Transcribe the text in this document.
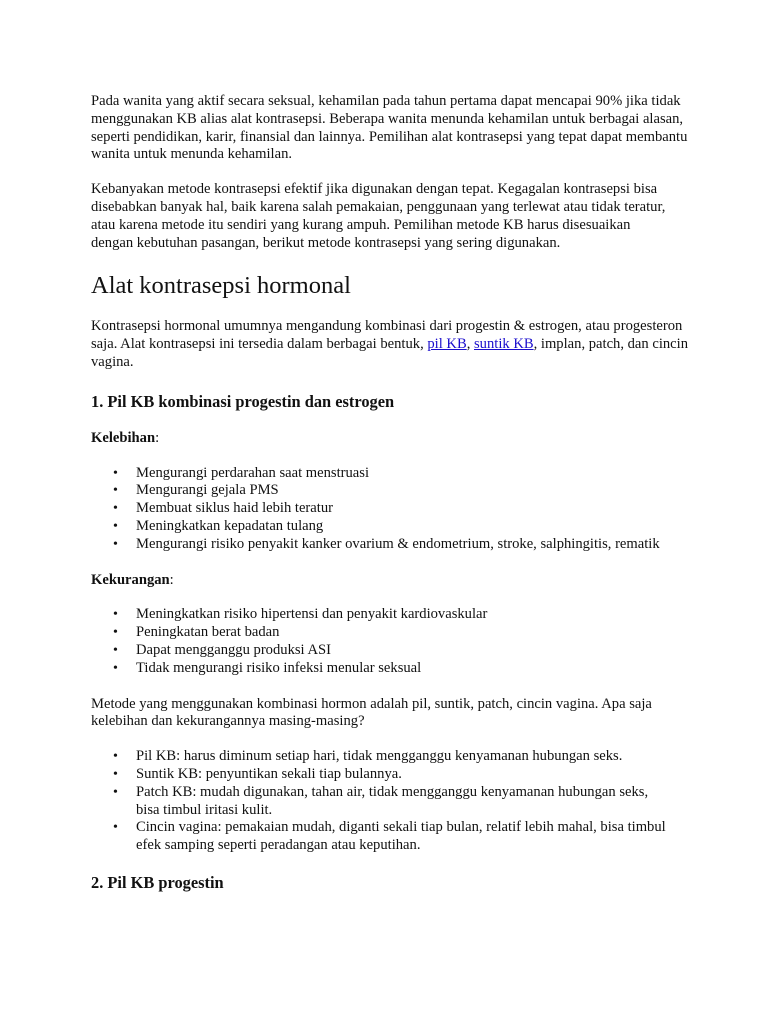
Pada wanita yang aktif secara seksual, kehamilan pada tahun pertama dapat mencapai 90% jika tidak menggunakan KB alias alat kontrasepsi. Beberapa wanita menunda kehamilan untuk berbagai alasan, seperti pendidikan, karir, finansial dan lainnya. Pemilihan alat kontrasepsi yang tepat dapat membantu wanita untuk menunda kehamilan.

Kebanyakan metode kontrasepsi efektif jika digunakan dengan tepat. Kegagalan kontrasepsi bisa disebabkan banyak hal, baik karena salah pemakaian, penggunaan yang terlewat atau tidak teratur, atau karena metode itu sendiri yang kurang ampuh. Pemilihan metode KB harus disesuaikan dengan kebutuhan pasangan, berikut metode kontrasepsi yang sering digunakan.

Alat kontrasepsi hormonal

Kontrasepsi hormonal umumnya mengandung kombinasi dari progestin & estrogen, atau progesteron saja. Alat kontrasepsi ini tersedia dalam berbagai bentuk, pil KB, suntik KB, implan, patch, dan cincin vagina.

1. Pil KB kombinasi progestin dan estrogen

Kelebihan:

• Mengurangi perdarahan saat menstruasi
• Mengurangi gejala PMS
• Membuat siklus haid lebih teratur
• Meningkatkan kepadatan tulang
• Mengurangi risiko penyakit kanker ovarium & endometrium, stroke, salphingitis, rematik

Kekurangan:

• Meningkatkan risiko hipertensi dan penyakit kardiovaskular
• Peningkatan berat badan
• Dapat mengganggu produksi ASI
• Tidak mengurangi risiko infeksi menular seksual

Metode yang menggunakan kombinasi hormon adalah pil, suntik, patch, cincin vagina. Apa saja kelebihan dan kekurangannya masing-masing?

• Pil KB: harus diminum setiap hari, tidak mengganggu kenyamanan hubungan seks.
• Suntik KB: penyuntikan sekali tiap bulannya.
• Patch KB: mudah digunakan, tahan air, tidak mengganggu kenyamanan hubungan seks, bisa timbul iritasi kulit.
• Cincin vagina: pemakaian mudah, diganti sekali tiap bulan, relatif lebih mahal, bisa timbul efek samping seperti peradangan atau keputihan.
2. Pil KB progestin
